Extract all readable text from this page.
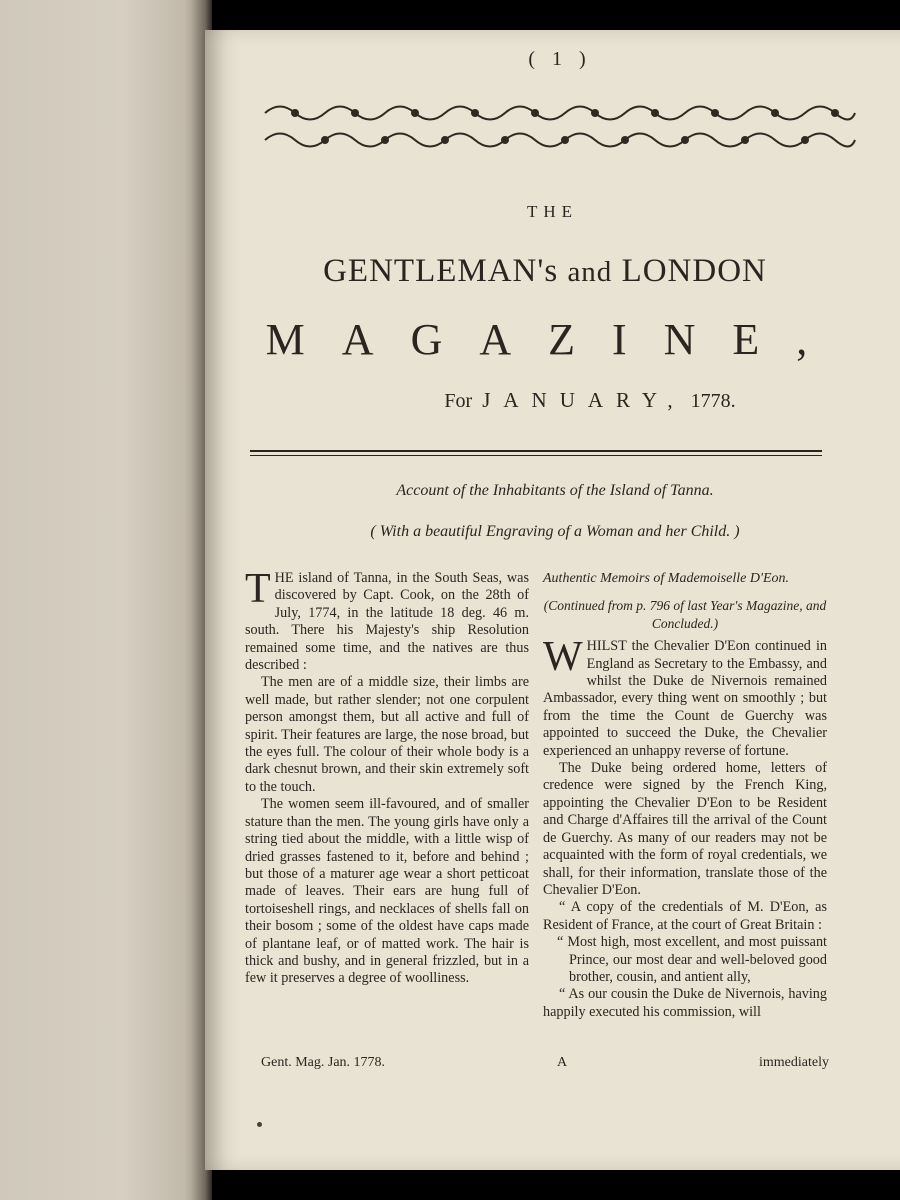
( 1 )
THE
GENTLEMAN's and LONDON
MAGAZINE,
For JANUARY, 1778.
Account of the Inhabitants of the Island of Tanna.
( With a beautiful Engraving of a Woman and her Child. )

THE island of Tanna, in the South Seas, was discovered by Capt. Cook, on the 28th of July, 1774, in the latitude 18 deg. 46 m. south. There his Majesty's ship Resolution remained some time, and the natives are thus described :

The men are of a middle size, their limbs are well made, but rather slender; not one corpulent person amongst them, but all active and full of spirit. Their features are large, the nose broad, but the eyes full. The colour of their whole body is a dark chesnut brown, and their skin extremely soft to the touch.

The women seem ill-favoured, and of smaller stature than the men. The young girls have only a string tied about the middle, with a little wisp of dried grasses fastened to it, before and behind ; but those of a maturer age wear a short petticoat made of leaves. Their ears are hung full of tortoiseshell rings, and necklaces of shells fall on their bosom ; some of the oldest have caps made of plantane leaf, or of matted work. The hair is thick and bushy, and in general frizzled, but in a few it preserves a degree of woolliness.

Authentic Memoirs of Mademoiselle D'Eon.

(Continued from p. 796 of last Year's Magazine, and Concluded.)

WHILST the Chevalier D'Eon continued in England as Secretary to the Embassy, and whilst the Duke de Nivernois remained Ambassador, every thing went on smoothly ; but from the time the Count de Guerchy was appointed to succeed the Duke, the Chevalier experienced an unhappy reverse of fortune.

The Duke being ordered home, letters of credence were signed by the French King, appointing the Chevalier D'Eon to be Resident and Charge d'Affaires till the arrival of the Count de Guerchy. As many of our readers may not be acquainted with the form of royal credentials, we shall, for their information, translate those of the Chevalier D'Eon.

“ A copy of the credentials of M. D'Eon, as Resident of France, at the court of Great Britain :

“ Most high, most excellent, and most puissant Prince, our most dear and well-beloved good brother, cousin, and antient ally,

“ As our cousin the Duke de Nivernois, having happily executed his commission, will

Gent. Mag. Jan. 1778.	A	immediately
